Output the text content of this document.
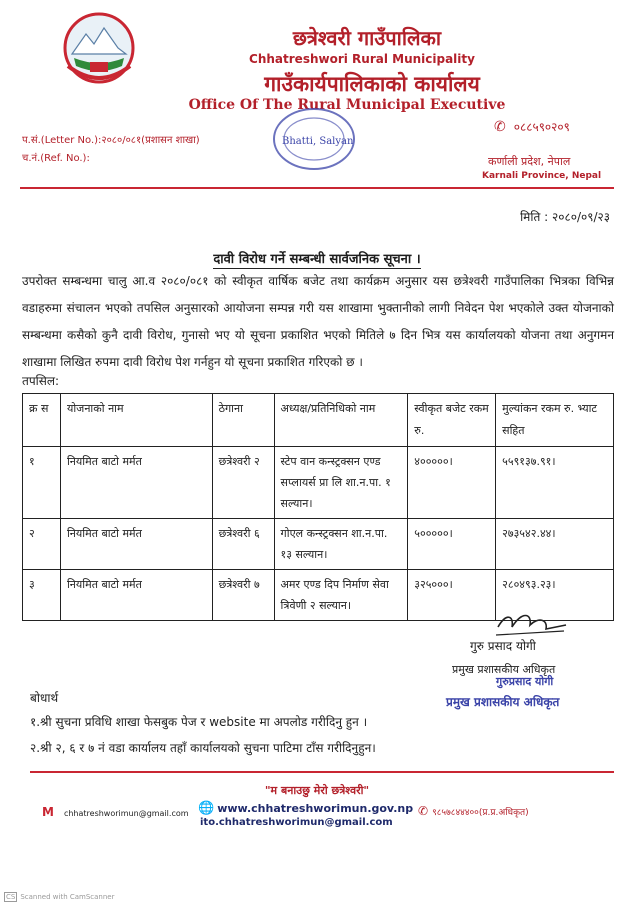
छत्रेश्वरी गाउँपालिका
Chhatreshwori Rural Municipality
गाउँकार्यपालिकाको कार्यालय
Office Of The Rural Municipal Executive
प.सं.(Letter No.):२०८०/०८१(प्रशासन शाखा)
च.नं.(Ref. No.):
Bhatti, Salyan
✆ ०८८५९०२०९
कर्णाली प्रदेश, नेपाल
Karnali Province, Nepal
मिति : २०८०/०९/२३
दावी विरोध गर्ने सम्बन्धी सार्वजनिक सूचना ।

उपरोक्त सम्बन्धमा चालु आ.व २०८०/०८१ को स्वीकृत वार्षिक बजेट तथा कार्यक्रम अनुसार यस छत्रेश्वरी गाउँपालिका भित्रका विभिन्न वडाहरुमा संचालन भएको तपसिल अनुसारको आयोजना सम्पन्न गरी यस शाखामा भुक्तानीको लागी निवेदन पेश भएकोले उक्त योजनाको सम्बन्धमा कसैको कुनै दावी विरोध, गुनासो भए यो सूचना प्रकाशित भएको मितिले ७ दिन भित्र यस कार्यालयको योजना तथा अनुगमन शाखामा लिखित रुपमा दावी विरोध पेश गर्नहुन यो सूचना प्रकाशित गरिएको छ ।

तपसिल:
क्र स	योजनाको नाम	ठेगाना	अध्यक्ष/प्रतिनिधिको नाम	स्वीकृत बजेट रकम रु.	मुल्यांकन रकम रु. भ्याट सहित
१	नियमित बाटो मर्मत	छत्रेश्वरी २	स्टेप वान कन्स्ट्रक्सन एण्ड सप्लायर्स प्रा लि शा.न.पा. १ सल्यान।	४०००००।	५५९१३७.९१।
२	नियमित बाटो मर्मत	छत्रेश्वरी ६	गोएल कन्स्ट्रक्सन शा.न.पा. १३ सल्यान।	५०००००।	२७३५४२.४४।
३	नियमित बाटो मर्मत	छत्रेश्वरी ७	अमर एण्ड दिप निर्माण सेवा त्रिवेणी २ सल्यान।	३२५०००।	२८०४९३.२३।
गुरु प्रसाद योगी
प्रमुख प्रशासकीय अधिकृत
गुरुप्रसाद योगी
प्रमुख प्रशासकीय अधिकृत
बोधार्थ
१.श्री सुचना प्रविधि शाखा फेसबुक पेज र website मा अपलोड गरीदिनु हुन ।
२.श्री २, ६ र ७ नं वडा कार्यालय तहाँ कार्यालयको सुचना पाटिमा टाँस गरीदिनुहुन।
"म बनाउछु मेरो छत्रेश्वरी"
M chhatreshworimun@gmail.com 🌐 www.chhatreshworimun.gov.np
ito.chhatreshworimun@gmail.com
✆ ९८५७८४४४००(प्र.प्र.अधिकृत)
CS Scanned with CamScanner
